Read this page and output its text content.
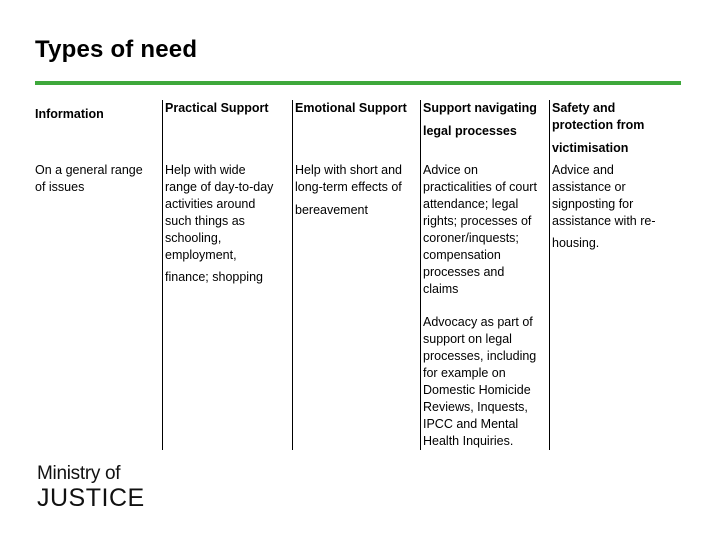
Types of need
Information	Practical Support Emotional Support Support navigating
legal processes
Safety and
protection from
victimisation
On a general range
of issues
Help with wide
range of day-to-day
activities around
such things as
schooling,
employment,
finance; shopping
Help with short and
long-term effects of
bereavement
Advice on
practicalities of court
attendance; legal
rights; processes of
coroner/inquests;
compensation
processes and
claims
Advocacy as part of
support on legal
processes, including
for example on
Domestic Homicide
Reviews, Inquests,
IPCC and Mental
Health Inquiries.
Advice and
assistance or
signposting for
assistance with re-
housing.
Ministry of
JUSTICE
